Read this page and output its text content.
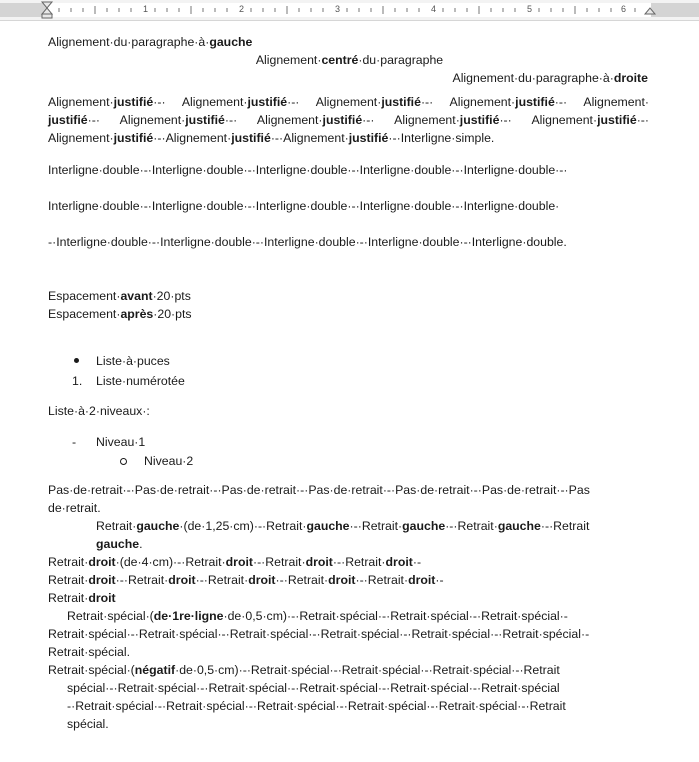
1	2	3	4	5	6
Alignement·du·paragraphe·à·gauche
Alignement·centré·du·paragraphe
Alignement·du·paragraphe·à·droite
Alignement·justifié·-· Alignement·justifié·-· Alignement·justifié·-· Alignement·justifié·-· Alignement·
justifié·-· Alignement·justifié·-· Alignement·justifié·-· Alignement·justifié·-· Alignement·justifié·-·
Alignement·justifié·-·Alignement·justifié·-·Alignement·justifié·-·Interligne·simple.
Interligne·double·-·Interligne·double·-·Interligne·double·-·Interligne·double·-·Interligne·double·-·
Interligne·double·-·Interligne·double·-·Interligne·double·-·Interligne·double·-·Interligne·double·
-·Interligne·double·-·Interligne·double·-·Interligne·double·-·Interligne·double·-·Interligne·double.
Espacement·avant·20·pts
Espacement·après·20·pts
Liste·à·puces
1. Liste·numérotée
Liste·à·2·niveaux·:
- Niveau·1
Niveau·2
Pas·de·retrait·-·Pas·de·retrait·-·Pas·de·retrait·-·Pas·de·retrait·-·Pas·de·retrait·-·Pas·de·retrait·-·Pas
de·retrait.
Retrait·gauche·(de·1,25·cm)·-·Retrait·gauche·-·Retrait·gauche·-·Retrait·gauche·-·Retrait
gauche.
Retrait·droit·(de·4·cm)·-·Retrait·droit·-·Retrait·droit·-·Retrait·droit·-
Retrait·droit·-·Retrait·droit·-·Retrait·droit·-·Retrait·droit·-·Retrait·droit·-
Retrait·droit
Retrait·spécial·(de·1re·ligne·de·0,5·cm)·-·Retrait·spécial·-·Retrait·spécial·-·Retrait·spécial·-
Retrait·spécial·-·Retrait·spécial·-·Retrait·spécial·-·Retrait·spécial·-·Retrait·spécial·-·Retrait·spécial·-
Retrait·spécial.
Retrait·spécial·(négatif·de·0,5·cm)·-·Retrait·spécial·-·Retrait·spécial·-·Retrait·spécial·-·Retrait
spécial·-·Retrait·spécial·-·Retrait·spécial·-·Retrait·spécial·-·Retrait·spécial·-·Retrait·spécial
-·Retrait·spécial·-·Retrait·spécial·-·Retrait·spécial·-·Retrait·spécial·-·Retrait·spécial·-·Retrait
spécial.
